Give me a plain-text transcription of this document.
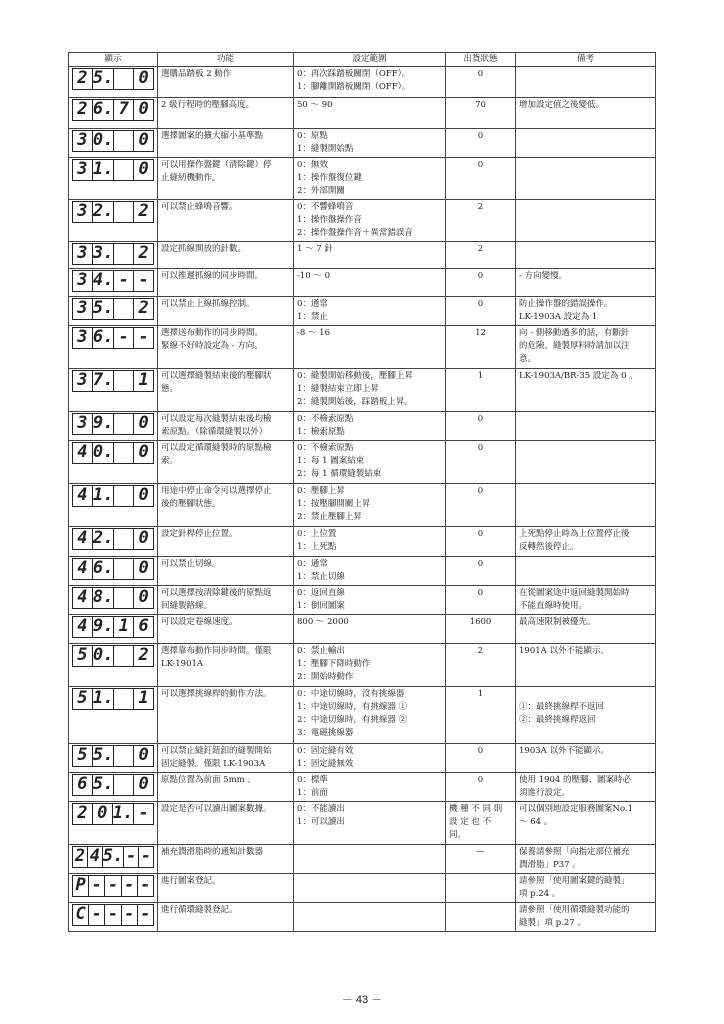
顯示	功能	設定範圍	出貨狀態	備考

2 5. 0	選購品踏板 2 動作	0：再次踩踏板關閉（OFF）。
1：腳離開踏板關閉（OFF）。	0	

2 6. 7 0	2 級行程時的壓腳高度。	50 ～ 90	70	增加設定值之後變低。

3 0. 0	選擇圖案的擴大縮小基準點	0：原點
1：縫製開始點	0	

3 1. 0	可以用操作盤鍵（清除鍵）停
止縫紉機動作。	0：無效
1：操作盤復位鍵
2：外部開關	0	

3 2. 2	可以禁止蜂鳴音響。	0：不響蜂鳴音
1：操作盤操作音
2：操作盤操作音＋異常錯誤音	2	

3 3. 2	設定抓線開放的針數。	1 ～ 7 針	2	

3 4. - -	可以推遲抓線的同步時間。	-10 ～ 0	0	- 方向變慢。

3 5. 2	可以禁止上線抓線控制。	0：通常
1：禁止	0	防止操作盤的錯誤操作。
LK-1903A 設定為 1

3 6. - -	選擇送布動作的同步時間。
緊線不好時設定為 - 方向。	-8 ～ 16	12	向 - 側移動過多的話，有斷針
的危險。縫製厚料時請加以注
意。

3 7. 1	可以選擇縫製結束後的壓腳狀
態。	0：縫製開始移動後，壓腳上昇
1：縫製結束立即上昇
2：縫製開始後，踩踏板上昇。	1	LK-1903A/BR-35 設定為 0 。

3 9. 0	可以設定每次縫製結束後均檢
索原點。（除循環縫製以外）	0：不檢索原點
1：檢索原點	0	

4 0. 0	可以設定循環縫製時的原點檢
索。	0：不檢索原點
1：每 1 圖案結束
2：每 1 循環縫製結束	0	

4 1. 0	用途中停止命令可以選擇停止
後的壓腳狀態。	0：壓腳上昇
1：按壓腳開關上昇
2：禁止壓腳上昇	0	

4 2. 0	設定針桿停止位置。	0：上位置
1：上死點	0	上死點停止時為上位置停止後
反轉然後停止。

4 6. 0	可以禁止切線。	0：通常
1：禁止切線	0	

4 8. 0	可以選擇按清除鍵後的原點返
回縫製路線。	0：返回直線
1：倒回圖案	0	在從圖案途中返回縫製開始時
不能直線時使用。

4 9. 1 6	可以設定卷線速度。	800 ～ 2000	1600	最高速限制被優先。

5 0. 2	選擇靠布動作同步時間。僅限
LK-1901A	0：禁止輸出
1：壓腳下降時動作
2：開始時動作	2	1901A 以外不能顯示。

5 1. 1	可以選擇挑線桿的動作方法。	0：中途切線時，沒有挑線器
1：中途切線時，有挑線器 ①
2：中途切線時，有挑線器 ②
3：電磁挑線器	1	①：最終挑線桿不返回
②：最終挑線桿返回

5 5. 0	可以禁止縫釘鈕釦的縫製開始
固定縫製。僅限 LK-1903A	0：固定縫有效
1：固定縫無效	0	1903A 以外不能顯示。

6 5. 0	原點位置為前面 5mm 。	0：標準
1：前面	0	使用 1904 的壓腳、圖案時必
須進行設定。

2 0 1. -	設定是否可以讀出圖案數據。	0：不能讀出
1：可以讀出	機 種 不 同 則
設 定 也 不
同。	可以個別地設定服務圖案No.1
～ 64 。

2 4 5. - -	補充潤滑脂時的通知計數器		—	保養請參照「向指定部位補充
潤滑脂」P37 。

P - - - -	進行圖案登記。			請參照「使用圖案鍵的縫製」
項 p.24 。

C - - - -	進行循環縫製登記。			請參照「使用循環縫製功能的
縫製」項 p.27 。
－ 43 －
